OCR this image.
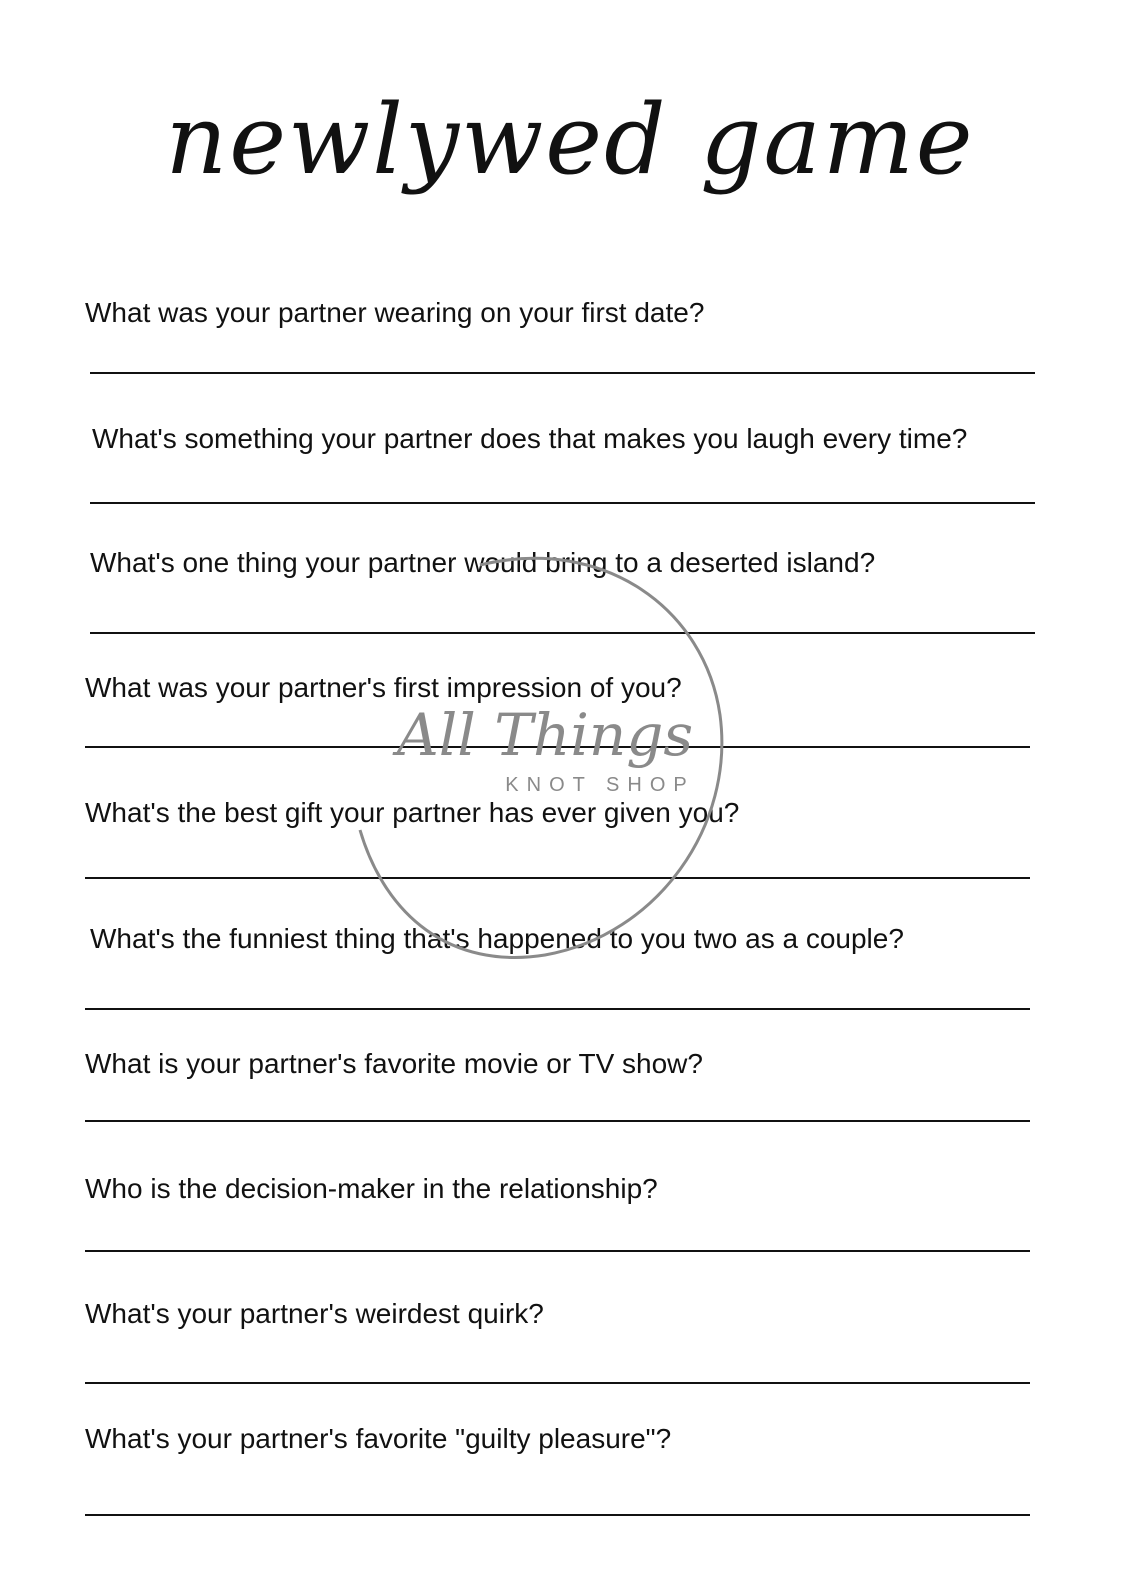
newlywed game
What was your partner wearing on your first date?
What's something your partner does that makes you laugh every time?
What's one thing your partner would bring to a deserted island?
What was your partner's first impression of you?
What's the best gift your partner has ever given you?
What's the funniest thing that's happened to you two as a couple?
What is your partner's favorite movie or TV show?
Who is the decision-maker in the relationship?
What's your partner's weirdest quirk?
What's your partner's favorite "guilty pleasure"?
All Things
KNOT SHOP
